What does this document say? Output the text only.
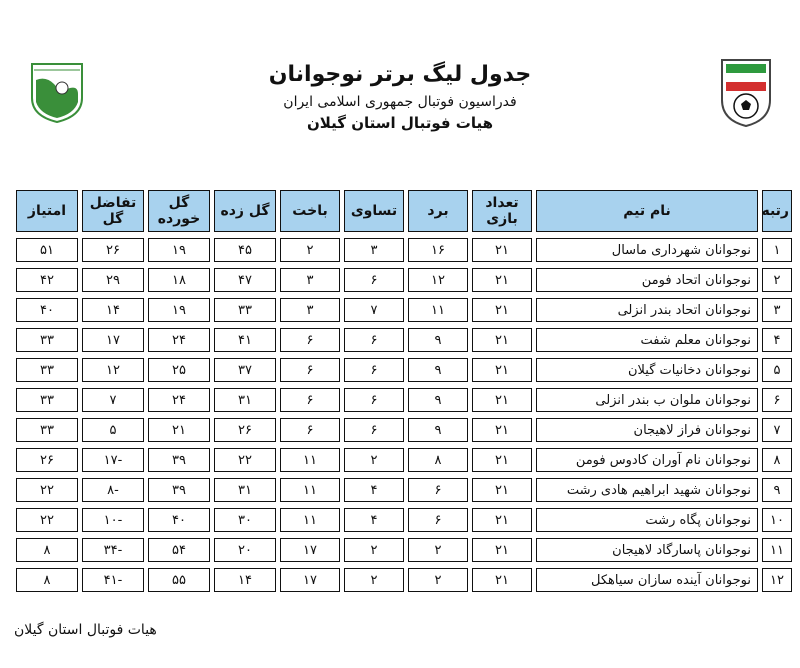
جدول لیگ برتر نوجوانان
فدراسیون فوتبال جمهوری اسلامی ایران
هیات فوتبال استان گیلان
رتبه	نام تیم	تعداد بازی	برد	تساوی	باخت	گل زده	گل خورده	تفاضل گل	امتیاز
۱	نوجوانان شهرداری ماسال	۲۱	۱۶	۳	۲	۴۵	۱۹	۲۶	۵۱
۲	نوجوانان اتحاد فومن	۲۱	۱۲	۶	۳	۴۷	۱۸	۲۹	۴۲
۳	نوجوانان اتحاد بندر انزلی	۲۱	۱۱	۷	۳	۳۳	۱۹	۱۴	۴۰
۴	نوجوانان معلم شفت	۲۱	۹	۶	۶	۴۱	۲۴	۱۷	۳۳
۵	نوجوانان دخانیات گیلان	۲۱	۹	۶	۶	۳۷	۲۵	۱۲	۳۳
۶	نوجوانان ملوان ب بندر انزلی	۲۱	۹	۶	۶	۳۱	۲۴	۷	۳۳
۷	نوجوانان فراز لاهیجان	۲۱	۹	۶	۶	۲۶	۲۱	۵	۳۳
۸	نوجوانان نام آوران کادوس فومن	۲۱	۸	۲	۱۱	۲۲	۳۹	-۱۷	۲۶
۹	نوجوانان شهید ابراهیم هادی رشت	۲۱	۶	۴	۱۱	۳۱	۳۹	-۸	۲۲
۱۰	نوجوانان پگاه رشت	۲۱	۶	۴	۱۱	۳۰	۴۰	-۱۰	۲۲
۱۱	نوجوانان پاسارگاد لاهیجان	۲۱	۲	۲	۱۷	۲۰	۵۴	-۳۴	۸
۱۲	نوجوانان آینده سازان سیاهکل	۲۱	۲	۲	۱۷	۱۴	۵۵	-۴۱	۸
هیات فوتبال استان گیلان
